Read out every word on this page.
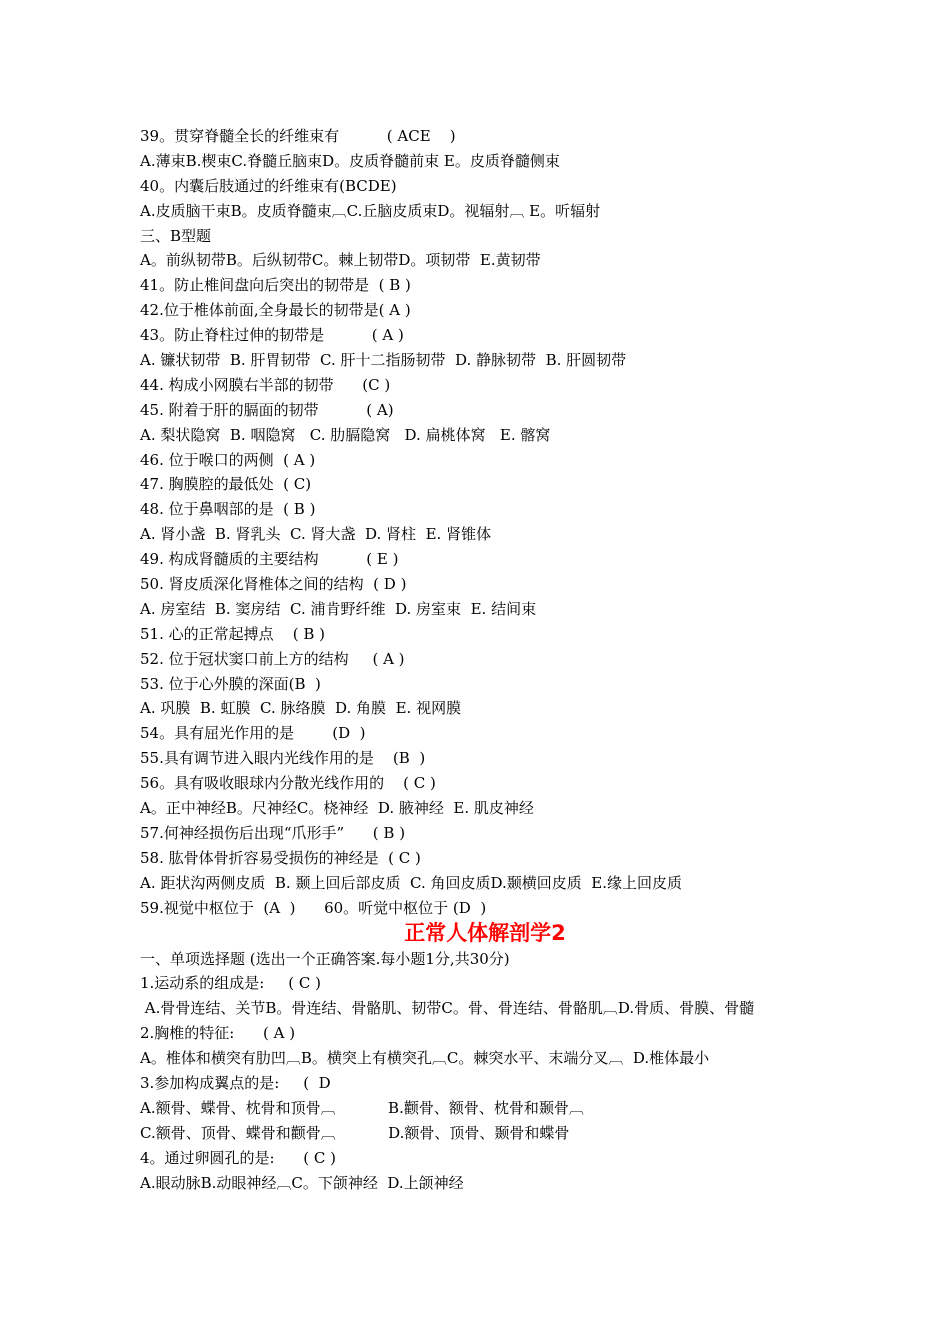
39。贯穿脊髓全长的纤维束有          ( ACE    )
A.薄束B.楔束C.脊髓丘脑束D。皮质脊髓前束 E。皮质脊髓侧束
40。内囊后肢通过的纤维束有(BCDE)
A.皮质脑干束B。皮质脊髓束︹C.丘脑皮质束D。视辐射︹ E。听辐射
三、B型题
A。前纵韧带B。后纵韧带C。棘上韧带D。项韧带  E.黄韧带
41。防止椎间盘向后突出的韧带是  ( B )
42.位于椎体前面,全身最长的韧带是( A )
43。防止脊柱过伸的韧带是          ( A )
A. 镰状韧带  B. 肝胃韧带  C. 肝十二指肠韧带  D. 静脉韧带  B. 肝圆韧带
44. 构成小网膜右半部的韧带      (C )
45. 附着于肝的膈面的韧带          ( A)
A. 梨状隐窝  B. 咽隐窝   C. 肋膈隐窝   D. 扁桃体窝   E. 髂窝
46. 位于喉口的两侧  ( A )
47. 胸膜腔的最低处  ( C)
48. 位于鼻咽部的是  ( B )
A. 肾小盏  B. 肾乳头  C. 肾大盏  D. 肾柱  E. 肾锥体
49. 构成肾髓质的主要结构          ( E )
50. 肾皮质深化肾椎体之间的结构  ( D )
A. 房室结  B. 窦房结  C. 浦肯野纤维  D. 房室束  E. 结间束
51. 心的正常起搏点    ( B )
52. 位于冠状窦口前上方的结构     ( A )
53. 位于心外膜的深面(B  )
A. 巩膜  B. 虹膜  C. 脉络膜  D. 角膜  E. 视网膜
54。具有屈光作用的是        (D  )
55.具有调节进入眼内光线作用的是    (B  )
56。具有吸收眼球内分散光线作用的    ( C )
A。正中神经B。尺神经C。桡神经  D. 腋神经  E. 肌皮神经
57.何神经损伤后出现“爪形手”      ( B )
58. 肱骨体骨折容易受损伤的神经是  ( C )
A. 距状沟两侧皮质  B. 颞上回后部皮质  C. 角回皮质D.颞横回皮质  E.缘上回皮质
59.视觉中枢位于  (A  )      60。听觉中枢位于 (D  )
正常人体解剖学2
一、单项选择题 (选出一个正确答案.每小题1分,共30分)
1.运动系的组成是:     ( C )
A.骨骨连结、关节B。骨连结、骨骼肌、韧带C。骨、骨连结、骨骼肌︹D.骨质、骨膜、骨髓
2.胸椎的特征:      ( A )
A。椎体和横突有肋凹︹B。横突上有横突孔︹C。棘突水平、末端分叉︹  D.椎体最小
3.参加构成翼点的是:     (  D
A.额骨、蝶骨、枕骨和顶骨︹           B.颧骨、额骨、枕骨和颞骨︹
C.额骨、顶骨、蝶骨和颧骨︹           D.额骨、顶骨、颞骨和蝶骨
4。通过卵圆孔的是:      ( C )
A.眼动脉B.动眼神经︹C。下颌神经  D.上颌神经
